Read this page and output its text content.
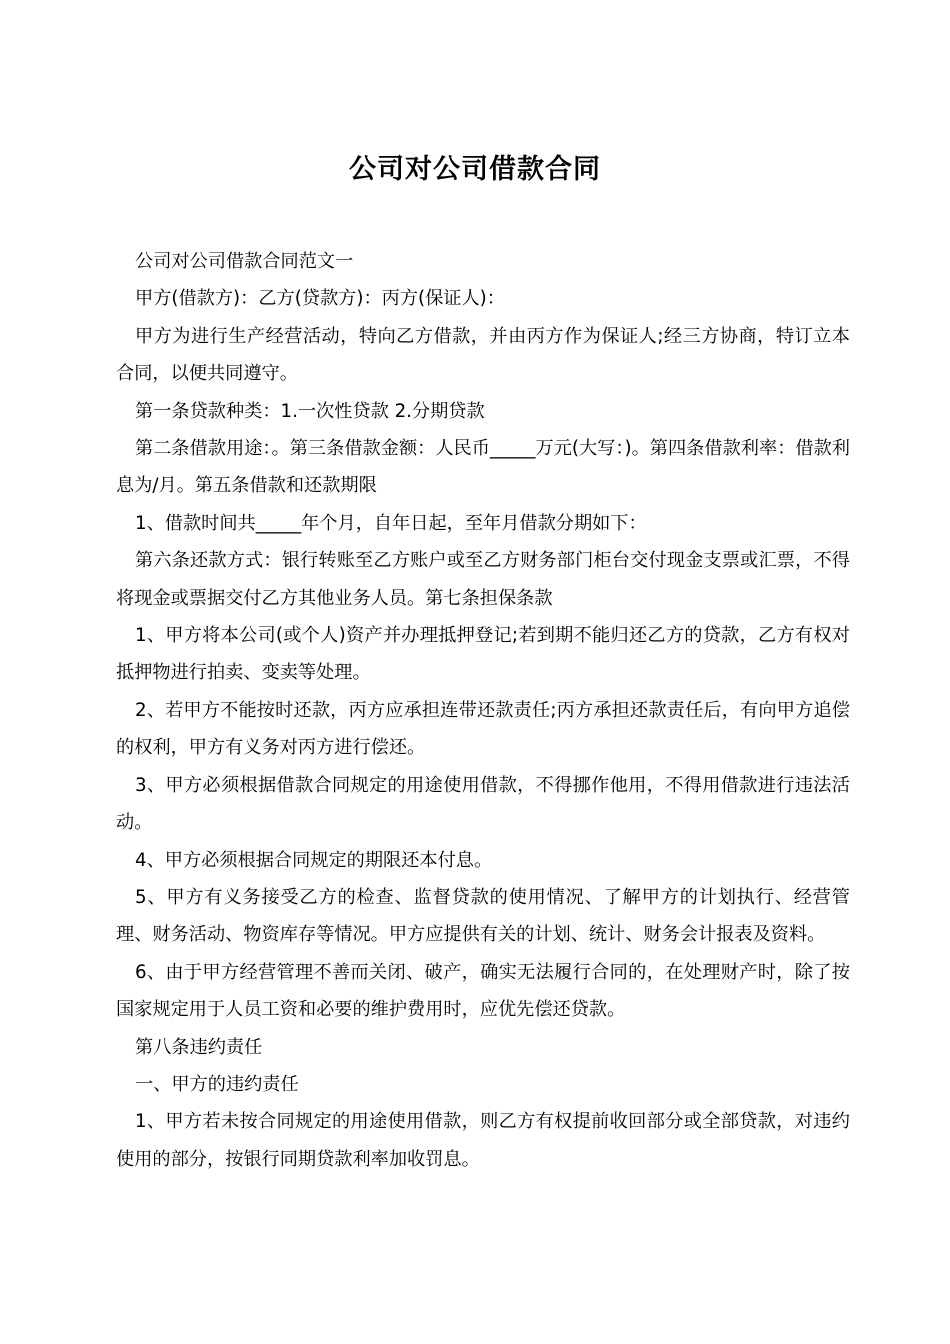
公司对公司借款合同

公司对公司借款合同范文一

甲方(借款方)：乙方(贷款方)：丙方(保证人)：

甲方为进行生产经营活动，特向乙方借款，并由丙方作为保证人;经三方协商，特订立本合同，以便共同遵守。

第一条贷款种类：1.一次性贷款 2.分期贷款

第二条借款用途：。第三条借款金额：人民币_____万元(大写：)。第四条借款利率：借款利息为/月。第五条借款和还款期限

1、借款时间共_____年个月，自年日起，至年月借款分期如下：

第六条还款方式：银行转账至乙方账户或至乙方财务部门柜台交付现金支票或汇票，不得将现金或票据交付乙方其他业务人员。第七条担保条款

1、甲方将本公司(或个人)资产并办理抵押登记;若到期不能归还乙方的贷款，乙方有权对抵押物进行拍卖、变卖等处理。

2、若甲方不能按时还款，丙方应承担连带还款责任;丙方承担还款责任后，有向甲方追偿的权利，甲方有义务对丙方进行偿还。

3、甲方必须根据借款合同规定的用途使用借款，不得挪作他用，不得用借款进行违法活动。

4、甲方必须根据合同规定的期限还本付息。

5、甲方有义务接受乙方的检查、监督贷款的使用情况、了解甲方的计划执行、经营管理、财务活动、物资库存等情况。甲方应提供有关的计划、统计、财务会计报表及资料。

6、由于甲方经营管理不善而关闭、破产，确实无法履行合同的，在处理财产时，除了按国家规定用于人员工资和必要的维护费用时，应优先偿还贷款。

第八条违约责任

一、甲方的违约责任

1、甲方若未按合同规定的用途使用借款，则乙方有权提前收回部分或全部贷款，对违约使用的部分，按银行同期贷款利率加收罚息。
